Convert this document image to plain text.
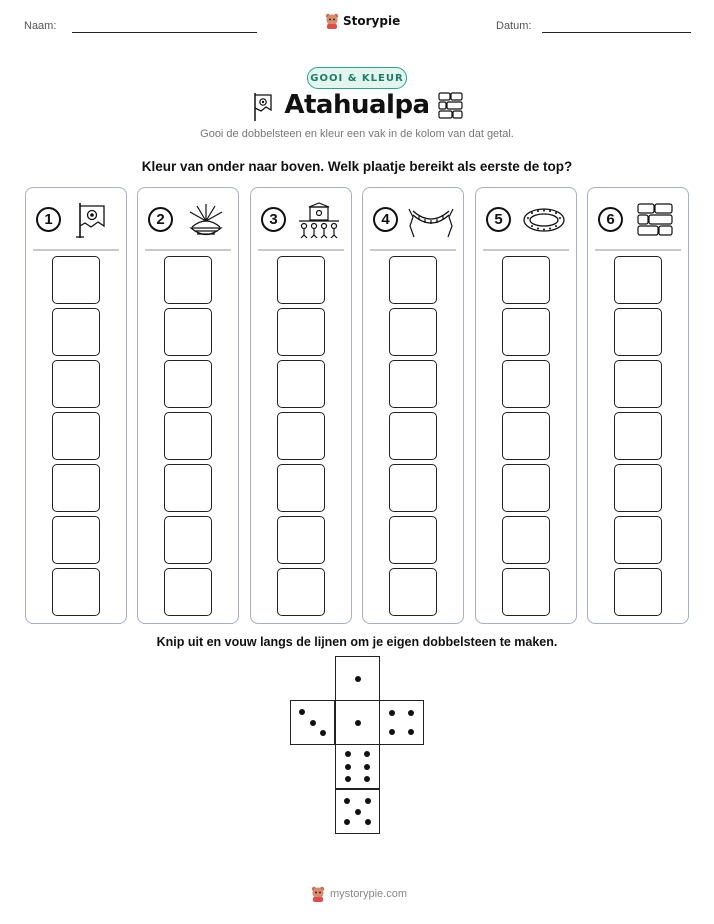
Naam:	Storypie	Datum:
GOOI & KLEUR
Atahualpa
Gooi de dobbelsteen en kleur een vak in de kolom van dat getal.
Kleur van onder naar boven. Welk plaatje bereikt als eerste de top?
1	2	3	4	5	6
Knip uit en vouw langs de lijnen om je eigen dobbelsteen te maken.
mystorypie.com
